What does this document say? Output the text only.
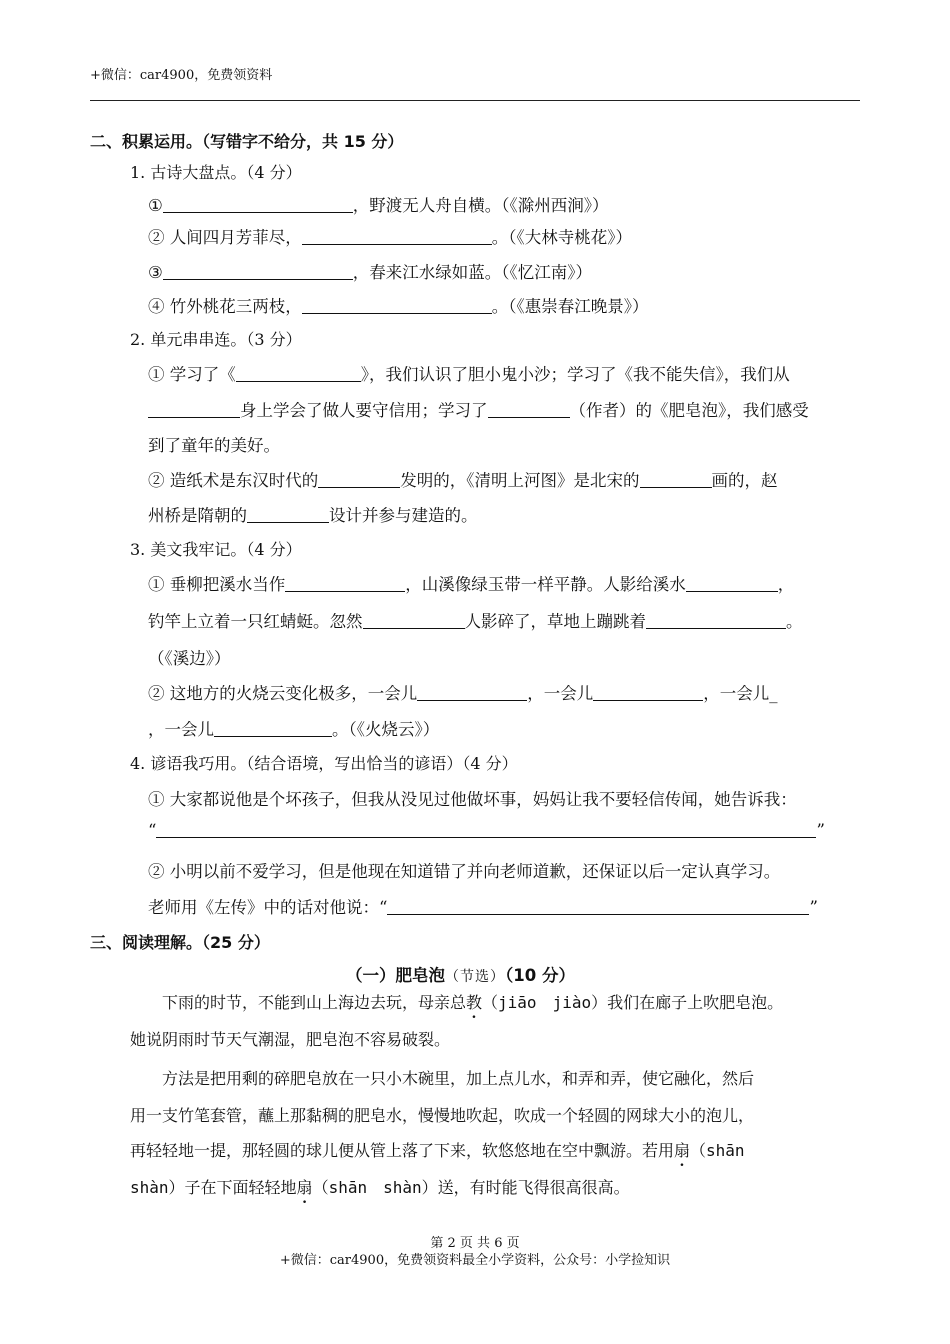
+微信：car4900，免费领资料
二、积累运用。（写错字不给分，共 15 分）
1. 古诗大盘点。（4 分）
①	，野渡无人舟自横。（《滁州西涧》）
② 人间四月芳菲尽，	。（《大林寺桃花》）
③	，春来江水绿如蓝。（《忆江南》）
④ 竹外桃花三两枝，	。（《惠崇春江晚景》）
2. 单元串串连。（3 分）
① 学习了《	》，我们认识了胆小鬼小沙；学习了《我不能失信》，我们从
身上学会了做人要守信用；学习了	（作者）的《肥皂泡》，我们感受
到了童年的美好。
② 造纸术是东汉时代的	发明的，《清明上河图》是北宋的	画的，赵
州桥是隋朝的	设计并参与建造的。
3. 美文我牢记。（4 分）
① 垂柳把溪水当作	，山溪像绿玉带一样平静。人影给溪水	，
钓竿上立着一只红蜻蜓。忽然	人影碎了，草地上蹦跳着	。
（《溪边》）
② 这地方的火烧云变化极多，一会儿	，一会儿	，一会儿_
，一会儿	。（《火烧云》）
4. 谚语我巧用。（结合语境，写出恰当的谚语）（4 分）
① 大家都说他是个坏孩子，但我从没见过他做坏事，妈妈让我不要轻信传闻，她告诉我：
“	”
② 小明以前不爱学习，但是他现在知道错了并向老师道歉，还保证以后一定认真学习。
老师用《左传》中的话对他说：“	”
三、阅读理解。（25 分）
（一）肥皂泡（节选）（10 分）
下雨的时节，不能到山上海边去玩，母亲总教（jiāo　jiào）我们在廊子上吹肥皂泡。
她说阴雨时节天气潮湿，肥皂泡不容易破裂。
方法是把用剩的碎肥皂放在一只小木碗里，加上点儿水，和弄和弄，使它融化，然后
用一支竹笔套管，蘸上那黏稠的肥皂水，慢慢地吹起，吹成一个轻圆的网球大小的泡儿，
再轻轻地一提，那轻圆的球儿便从管上落了下来，软悠悠地在空中飘游。若用扇（shān
shàn）子在下面轻轻地扇（shān　shàn）送，有时能飞得很高很高。
第 2 页 共 6 页
+微信：car4900，免费领资料最全小学资料，公众号：小学捡知识
